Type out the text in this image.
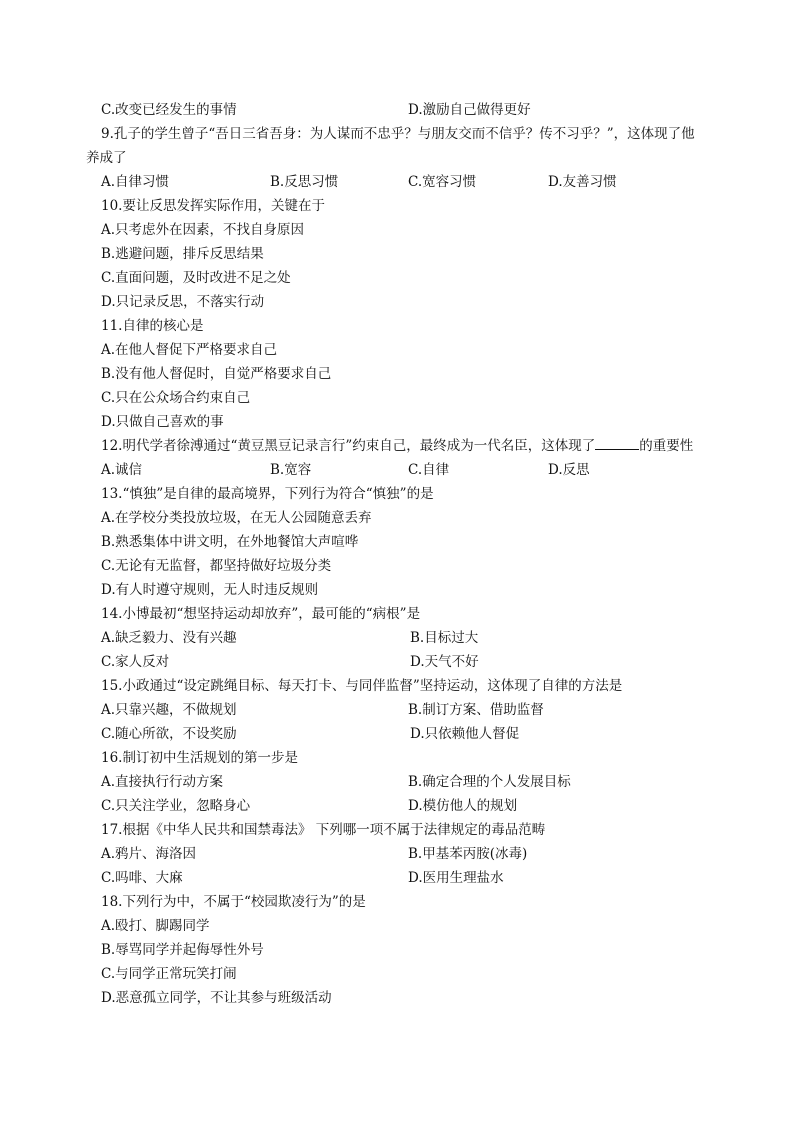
C.改变已经发生的事情	D.激励自己做得更好
9.孔子的学生曾子“吾日三省吾身：为人谋而不忠乎？与朋友交而不信乎？传不习乎？”，这体现了他
养成了
A.自律习惯	B.反思习惯	C.宽容习惯	D.友善习惯
10.要让反思发挥实际作用，关键在于
A.只考虑外在因素，不找自身原因
B.逃避问题，排斥反思结果
C.直面问题，及时改进不足之处
D.只记录反思，不落实行动
11.自律的核心是
A.在他人督促下严格要求自己
B.没有他人督促时，自觉严格要求自己
C.只在公众场合约束自己
D.只做自己喜欢的事
12.明代学者徐溥通过“黄豆黑豆记录言行”约束自己，最终成为一代名臣，这体现了	的重要性
A.诚信	B.宽容	C.自律	D.反思
13.“慎独”是自律的最高境界，下列行为符合“慎独”的是
A.在学校分类投放垃圾，在无人公园随意丢弃
B.熟悉集体中讲文明，在外地餐馆大声喧哗
C.无论有无监督，都坚持做好垃圾分类
D.有人时遵守规则，无人时违反规则
14.小博最初“想坚持运动却放弃”，最可能的“病根”是
A.缺乏毅力、没有兴趣	B.目标过大
C.家人反对	D.天气不好
15.小政通过“设定跳绳目标、每天打卡、与同伴监督”坚持运动，这体现了自律的方法是
A.只靠兴趣，不做规划	B.制订方案、借助监督
C.随心所欲，不设奖励	D.只依赖他人督促
16.制订初中生活规划的第一步是
A.直接执行行动方案	B.确定合理的个人发展目标
C.只关注学业，忽略身心	D.模仿他人的规划
17.根据《中华人民共和国禁毒法》 下列哪一项不属于法律规定的毒品范畴
A.鸦片、海洛因	B.甲基苯丙胺(冰毒)
C.吗啡、大麻	D.医用生理盐水
18.下列行为中，不属于“校园欺凌行为”的是
A.殴打、脚踢同学
B.辱骂同学并起侮辱性外号
C.与同学正常玩笑打闹
D.恶意孤立同学，不让其参与班级活动
